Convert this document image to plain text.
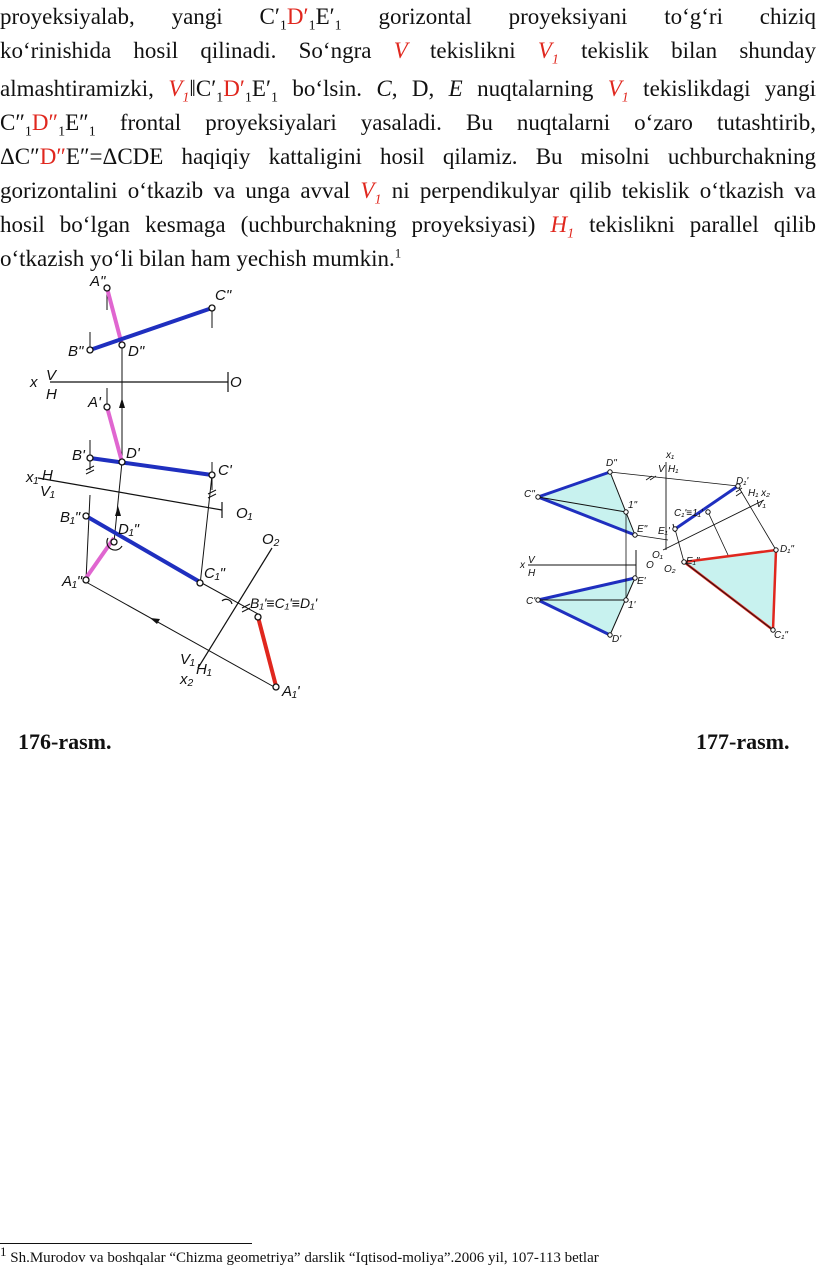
proyeksiyalab, yangi $C'_1D'_1E'_1$ gorizontal proyeksiyani to‘g‘ri chiziq
ko‘rinishida hosil qilinadi. So‘ngra V tekislikni $V_1$ tekislik bilan shunday
almashtiramizki, $V_1‖C'_1D'_1E'_1$ bo‘lsin. C, D, E nuqtalarning $V_1$ tekislikdagi yangi
$C''_1D''_1E''_1$ frontal proyeksiyalari yasaladi. Bu nuqtalarni o‘zaro tutashtirib,
ΔC″D″E″=ΔCDE haqiqiy kattaligini hosil qilamiz. Bu misolni uchburchakning
gorizontalini o‘tkazib va unga avval $V_1$ ni perpendikulyar qilib tekislik o‘tkazish va
hosil bo‘lgan kesmaga (uchburchakning proyeksiyasi) $H_1$ tekislikni parallel qilib
o‘tkazish yo‘li bilan ham yechish mumkin.$^1$
A"
C"
B"	D"
x V
H
O
A'
B'	D'
C'
x₁ H
V₁
O₁
B₁"
D₁"
A₁"	C₁"
O₂
B₁'≡C₁'≡D₁'
V₁
H₁
x₂
A₁'
D"
C"
1"
E"
x₁
V H₁
D₁'
H₁ x₂
V₁
C₁'≡1₁'
E₁'
O₁
O O₂
E₁"
D₁"
C₁"
x V
H
C'
E'
1'
D'
176-rasm.	177-rasm.
$^1$ Sh.Murodov va boshqalar “Chizma geometriya” darslik “Iqtisod-moliya”.2006 yil, 107-113 betlar
